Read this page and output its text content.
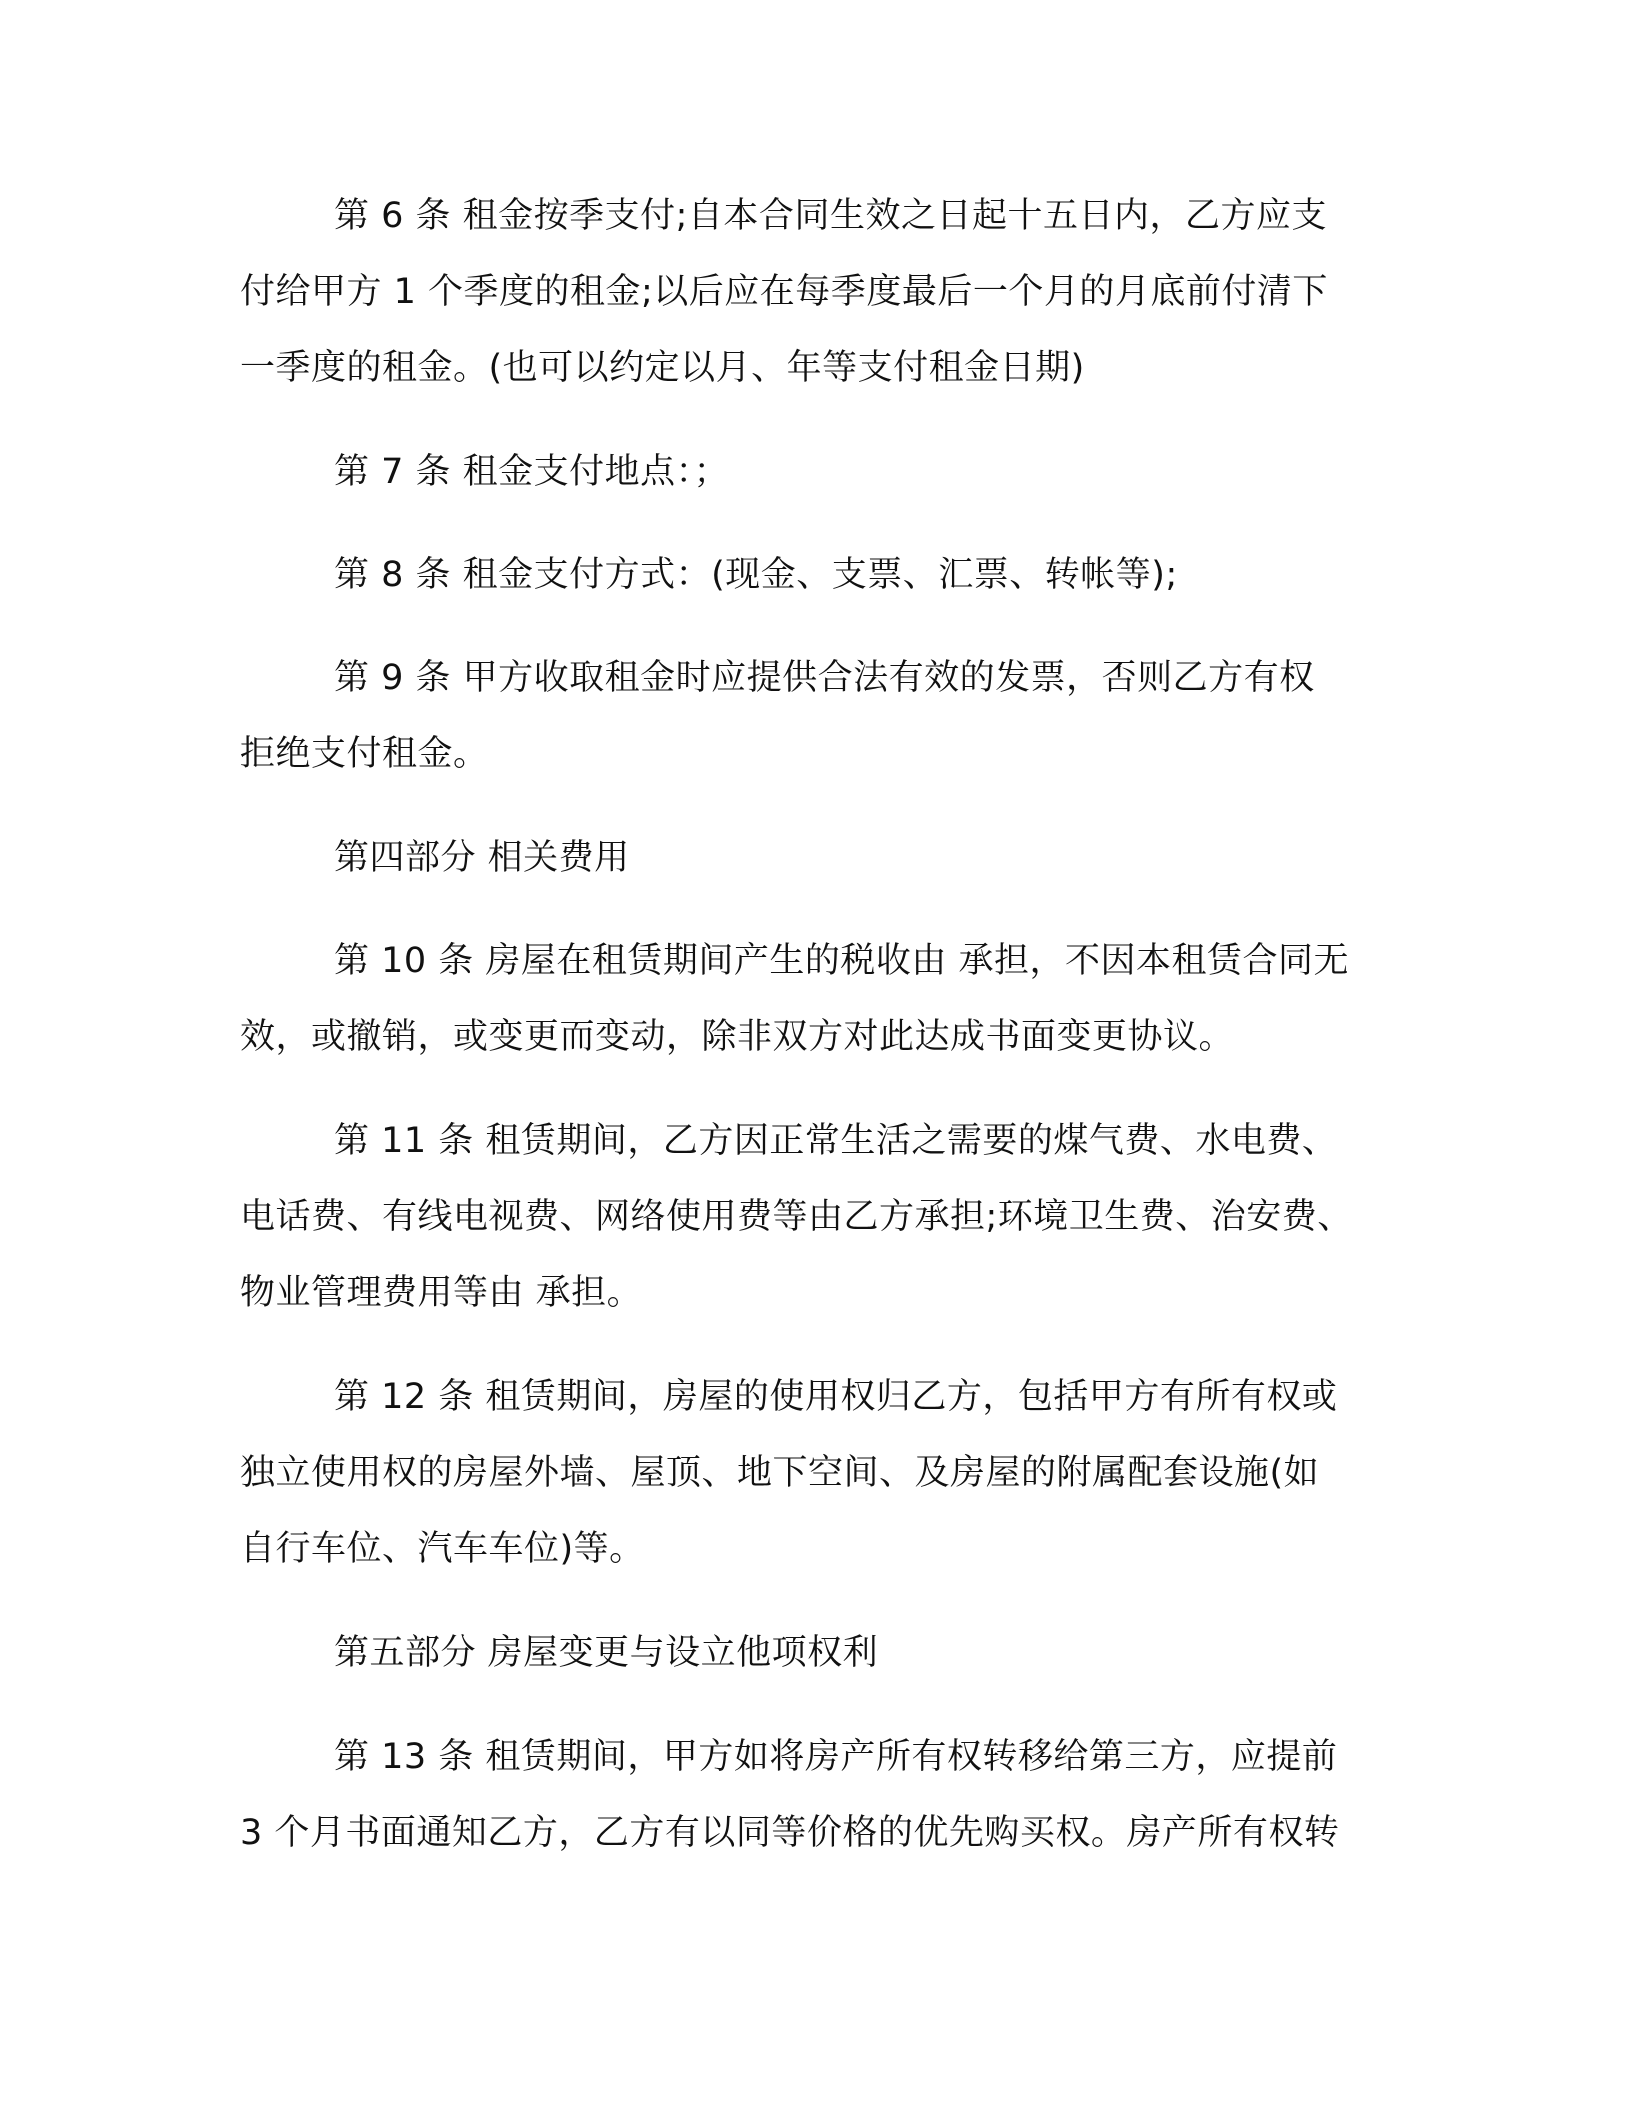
第 6 条 租金按季支付;自本合同生效之日起十五日内，乙方应支
付给甲方 1 个季度的租金;以后应在每季度最后一个月的月底前付清下
一季度的租金。(也可以约定以月、年等支付租金日期)
第 7 条 租金支付地点：；
第 8 条 租金支付方式：(现金、支票、汇票、转帐等);
第 9 条 甲方收取租金时应提供合法有效的发票，否则乙方有权
拒绝支付租金。
第四部分 相关费用
第 10 条 房屋在租赁期间产生的税收由 承担，不因本租赁合同无
效，或撤销，或变更而变动，除非双方对此达成书面变更协议。
第 11 条 租赁期间，乙方因正常生活之需要的煤气费、水电费、
电话费、有线电视费、网络使用费等由乙方承担;环境卫生费、治安费、
物业管理费用等由 承担。
第 12 条 租赁期间，房屋的使用权归乙方，包括甲方有所有权或
独立使用权的房屋外墙、屋顶、地下空间、及房屋的附属配套设施(如
自行车位、汽车车位)等。
第五部分 房屋变更与设立他项权利
第 13 条 租赁期间，甲方如将房产所有权转移给第三方，应提前
3 个月书面通知乙方，乙方有以同等价格的优先购买权。房产所有权转
